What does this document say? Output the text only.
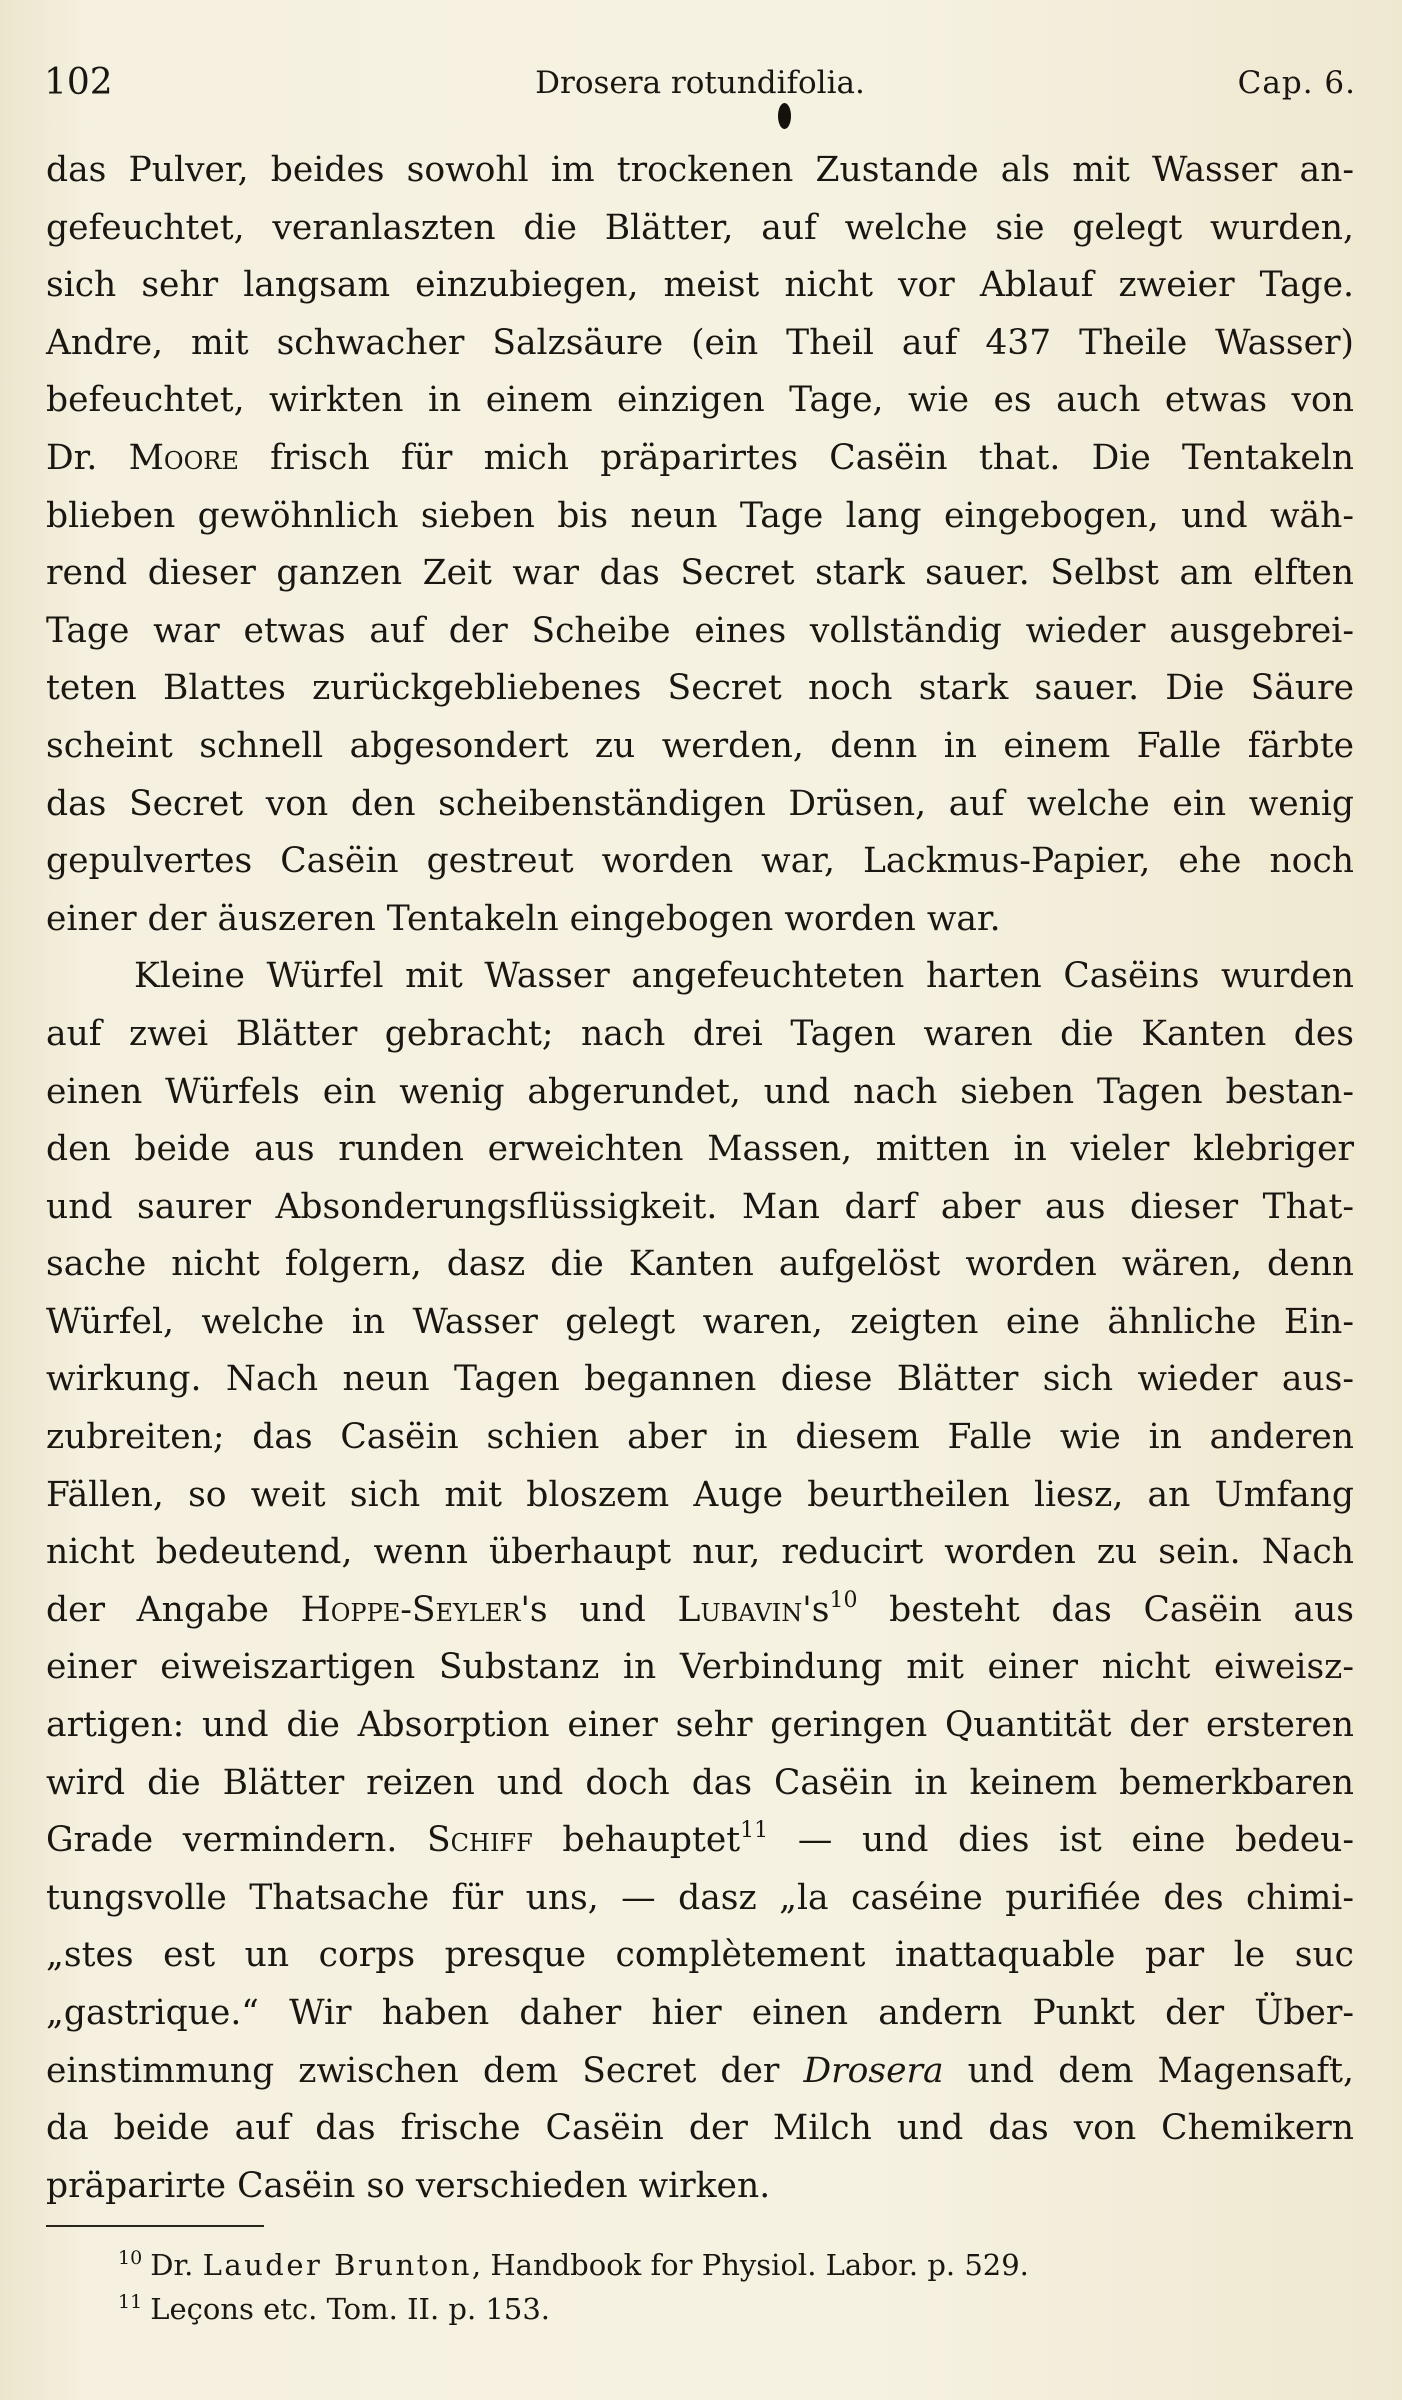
102	Drosera rotundifolia.	Cap. 6.
das Pulver, beides sowohl im trockenen Zustande als mit Wasser an-
gefeuchtet, veranlaszten die Blätter, auf welche sie gelegt wurden,
sich sehr langsam einzubiegen, meist nicht vor Ablauf zweier Tage.
Andre, mit schwacher Salzsäure (ein Theil auf 437 Theile Wasser)
befeuchtet, wirkten in einem einzigen Tage, wie es auch etwas von
Dr. Moore frisch für mich präparirtes Casëin that. Die Tentakeln
blieben gewöhnlich sieben bis neun Tage lang eingebogen, und wäh-
rend dieser ganzen Zeit war das Secret stark sauer. Selbst am elften
Tage war etwas auf der Scheibe eines vollständig wieder ausgebrei-
teten Blattes zurückgebliebenes Secret noch stark sauer. Die Säure
scheint schnell abgesondert zu werden, denn in einem Falle färbte
das Secret von den scheibenständigen Drüsen, auf welche ein wenig
gepulvertes Casëin gestreut worden war, Lackmus-Papier, ehe noch
einer der äuszeren Tentakeln eingebogen worden war.
Kleine Würfel mit Wasser angefeuchteten harten Casëins wurden
auf zwei Blätter gebracht; nach drei Tagen waren die Kanten des
einen Würfels ein wenig abgerundet, und nach sieben Tagen bestan-
den beide aus runden erweichten Massen, mitten in vieler klebriger
und saurer Absonderungsflüssigkeit. Man darf aber aus dieser That-
sache nicht folgern, dasz die Kanten aufgelöst worden wären, denn
Würfel, welche in Wasser gelegt waren, zeigten eine ähnliche Ein-
wirkung. Nach neun Tagen begannen diese Blätter sich wieder aus-
zubreiten; das Casëin schien aber in diesem Falle wie in anderen
Fällen, so weit sich mit bloszem Auge beurtheilen liesz, an Umfang
nicht bedeutend, wenn überhaupt nur, reducirt worden zu sein. Nach
der Angabe Hoppe-Seyler's und $Lubavin's^{10}$ besteht das Casëin aus
einer eiweiszartigen Substanz in Verbindung mit einer nicht eiweisz-
artigen: und die Absorption einer sehr geringen Quantität der ersteren
wird die Blätter reizen und doch das Casëin in keinem bemerkbaren
Grade vermindern. Schiff behauptet$^{11}$ — und dies ist eine bedeu-
tungsvolle Thatsache für uns, — dasz „la caséine purifiée des chimi-
„stes est un corps presque complètement inattaquable par le suc
„gastrique.“ Wir haben daher hier einen andern Punkt der Über-
einstimmung zwischen dem Secret der Drosera und dem Magensaft,
da beide auf das frische Casëin der Milch und das von Chemikern
präparirte Casëin so verschieden wirken.
$^{10}$ Dr. Lauder Brunton, Handbook for Physiol. Labor. p. 529.
$^{11}$ Leçons etc. Tom. II. p. 153.
